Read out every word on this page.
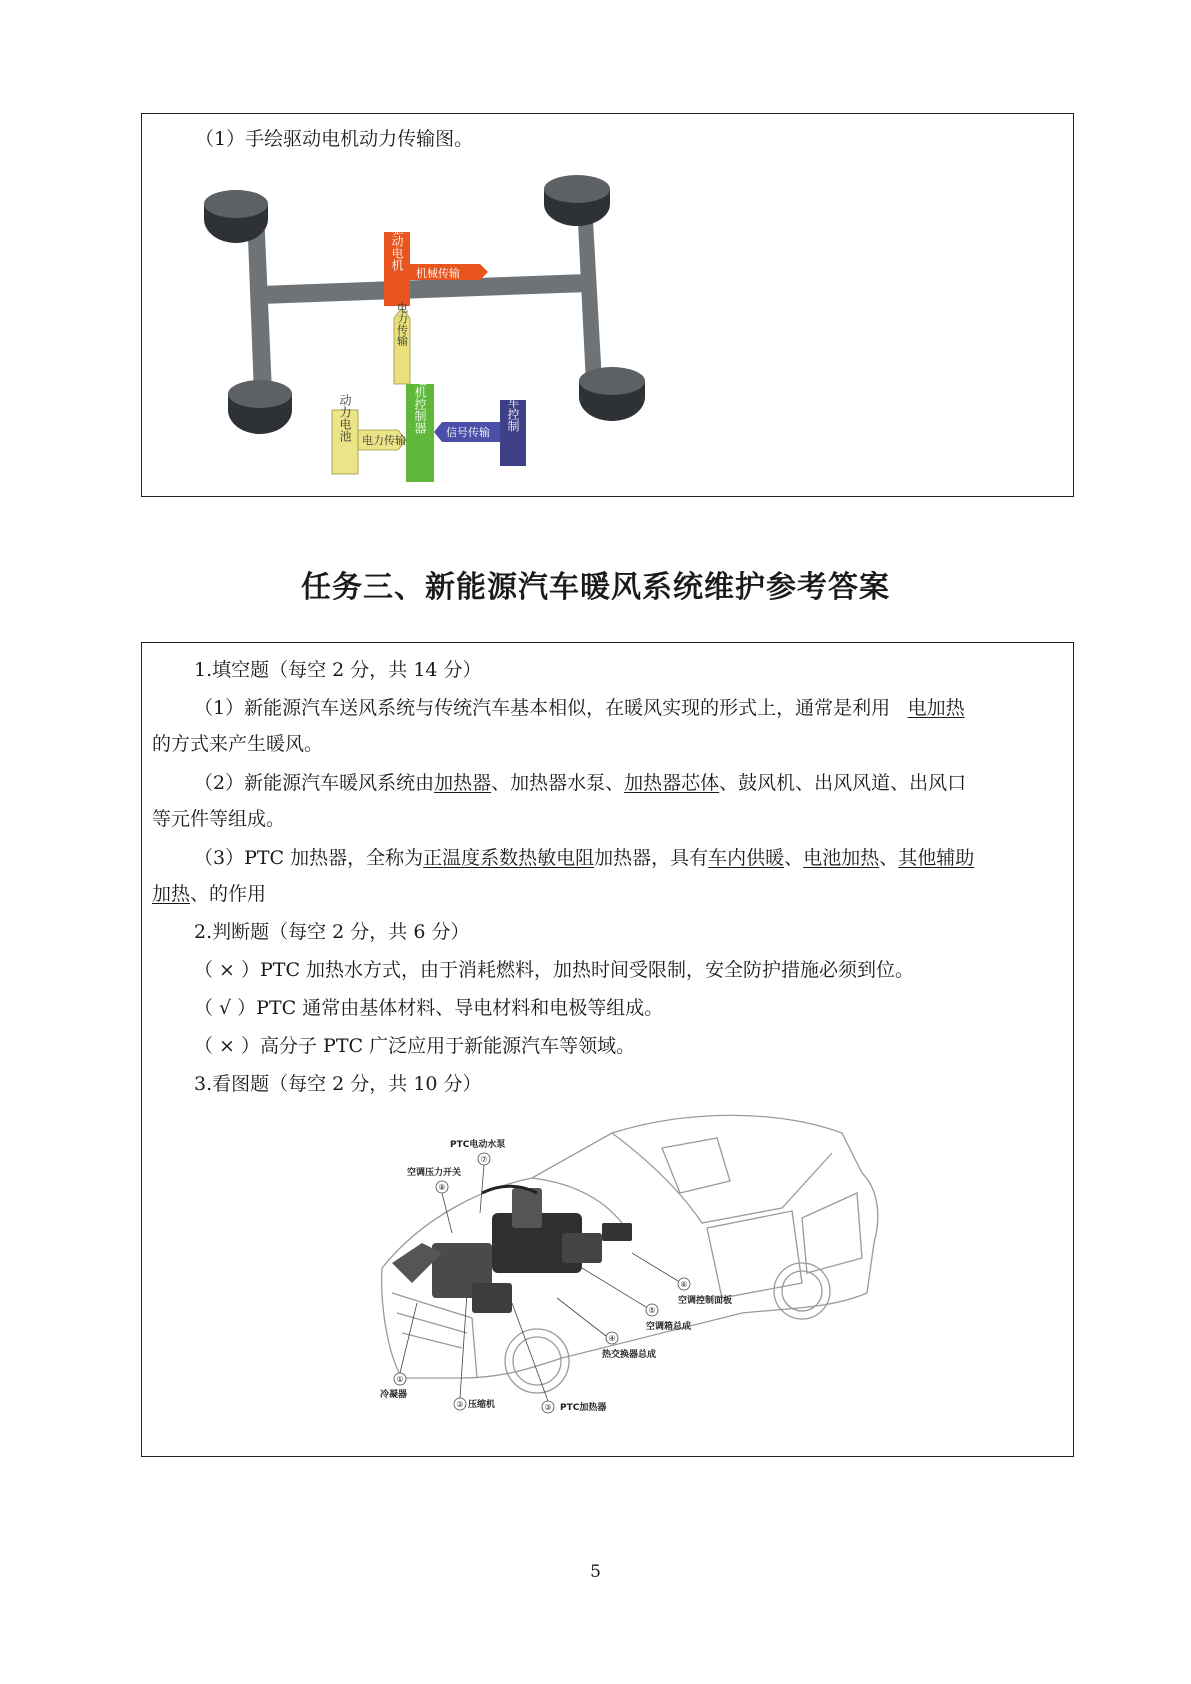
（1）手绘驱动电机动力传输图。
驱动电机
机械传输
电力传输
驱动电机控制器 信号传输
整车控制
动力电池 电力传输
任务三、新能源汽车暖风系统维护参考答案
1.填空题（每空 2 分，共 14 分）
（1）新能源汽车送风系统与传统汽车基本相似，在暖风实现的形式上，通常是利用 电加热
的方式来产生暖风。
（2）新能源汽车暖风系统由加热器、加热器水泵、加热器芯体、鼓风机、出风风道、出风口
等元件等组成。
（3）PTC 加热器，全称为正温度系数热敏电阻加热器，具有车内供暖、电池加热、其他辅助
加热、的作用
2.判断题（每空 2 分，共 6 分）
（ × ）PTC 加热水方式，由于消耗燃料，加热时间受限制，安全防护措施必须到位。
（ √ ）PTC 通常由基体材料、导电材料和电极等组成。
（ × ）高分子 PTC 广泛应用于新能源汽车等领域。
3.看图题（每空 2 分，共 10 分）
⑦
PTC电动水泵
⑧
空调压力开关
⑥
空调控制面板
⑤
空调箱总成
④
热交换器总成
①
冷凝器
② 压缩机	③ PTC加热器
5
